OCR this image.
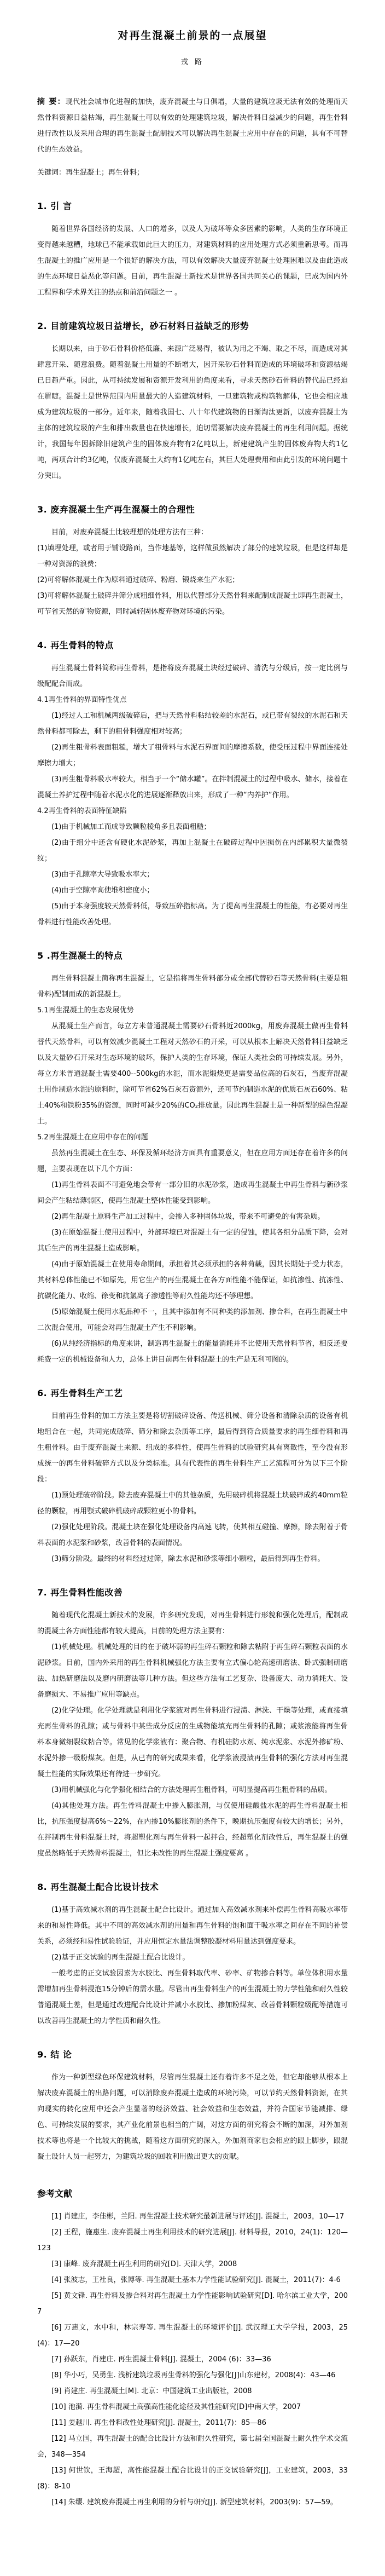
对再生混凝土前景的一点展望
戎 路

摘 要：现代社会城市化进程的加快，废弃混凝土与日俱增，大量的建筑垃圾无法有效的处理而天然骨料资源日益枯竭，再生混凝土可以有效的处理建筑垃圾，解决骨料日益减少的问题，再生骨料进行改性以及采用合理的再生混凝土配制技术可以解决再生混凝土应用中存在的问题，具有不可替代的生态效益。

关键词：再生混凝土；再生骨料；

1. 引 言

随着世界各国经济的发展、人口的增多，以及人为破坏等众多因素的影响，人类的生存环境正变得越来越糟，地球已不能承载如此巨大的压力，对建筑材料的应用处理方式必须重新思考。而再生混凝土的推广应用是一个很好的解决方法，可以有效解决大量废弃混凝土处理困难以及由此造成的生态环境日益恶化等问题。目前，再生混凝土新技术是世界各国共同关心的课题，已成为国内外工程界和学术界关注的热点和前沿问题之一 。

2. 目前建筑垃圾日益增长，砂石材料日益缺乏的形势

长期以来，由于砂石骨料价格低廉、来源广泛易得，被认为用之不竭、取之不尽，而造成对其肆意开采、随意浪费。随着混凝土用量的不断增大，因开采砂石骨料而造成的环境破坏和资源枯竭已日趋严重。因此，从可持续发展和资源开发利用的角度来看，寻求天然砂石骨料的替代品已经迫在眉睫。混凝土是世界范围内用量最大的人造建筑材料，一旦建筑物或构筑物解体，它也会相应地成为建筑垃圾的一部分。近年来，随着我国七、八十年代建筑物的日渐淘汰更新，以废弃混凝土为主体的建筑垃圾的产生和排出数量也在快速增长，迫切需要解决废弃混凝土的再生利用问题。据统计，我国每年因拆除旧建筑产生的固体废弃物有2亿吨以上，新建建筑产生的固体废弃物大约1亿吨，两项合计约3亿吨，仅废弃混凝土大约有1亿吨左右，其巨大处理费用和由此引发的环境问题十分突出。

3. 废弃混凝土生产再生混凝土的合理性

目前，对废弃混凝土比较理想的处理方法有三种：

(1)填埋处理，或者用于铺设路面，当作地基等，这样做虽然解决了部分的建筑垃圾，但是这样却是一种对资源的浪费；

(2)可将解体混凝土作为原料通过破碎、粉磨、锻烧来生产水泥；

(3)可将解体混凝土破碎并筛分成粗细骨料，用以代替部分天然骨料来配制成混凝土即再生混凝土，可节省天然的矿物资源，同时减轻固体废弃物对环境的污染。

4. 再生骨料的特点

再生混凝土骨料简称再生骨料，是指将废弃混凝土块经过破碎、清洗与分级后，按一定比例与级配配合而成。

4.1再生骨料的界面特性优点

(1)经过人工和机械两级破碎后，把与天然骨料粘结较差的水泥石，或已带有裂纹的水泥石和天然骨料都可除去，剩下的粗骨料强度相对较高；

(2)再生粗骨料表面粗糙，增大了粗骨料与水泥石界面间的摩擦系数，使受压过程中界面连接处摩擦力增大；

(3)再生粗骨料吸水率较大，相当于一个“储水罐”。在拌制混凝土的过程中吸水、储水，接着在混凝土养护过程中随着水泥水化的进展逐渐释放出来，形成了一种“内养护”作用。

4.2再生骨料的表面特征缺陷

(1)由于机械加工而成导致颗粒棱角多且表面粗糙；

(2)由于组分中还含有硬化水泥砂浆，再加上混凝土在破碎过程中因损伤在内部累积大量微裂纹；

(3)由于孔隙率大导致吸水率大；

(4)由于空隙率高使堆积密度小；

(5)由于本身强度较天然骨料低，导致压碎指标高。为了提高再生混凝土的性能，有必要对再生骨料进行性能改善处理。

5 .再生混凝土的特点

再生骨料混凝土简称再生混凝土，它是指将再生骨料部分或全部代替砂石等天然骨料(主要是粗骨料)配制而成的新混凝土。

5.1再生混凝土的生态发展优势

从混凝土生产而言，每立方米普通混凝土需要砂石骨料近2000kg，用废弃混凝土做再生骨料替代天然骨料，可以有效减少混凝土工程对天然砂石的开采，可以从根本上解决天然骨料日益缺乏以及大量砂石开采对生态环境的破坏，保护人类的生存环境，保证人类社会的可持续发展。另外，每立方米普通混凝土需要400--500kg的水泥，而水泥煅烧更是需要品位高的石灰石，当废弃混凝土用作制造水泥的原料时，除可节省62%石灰石资源外，还可节约制造水泥的优质石灰石60%、粘土40%和铁粉35%的资源，同时可减少20%的CO₂排放量。因此再生混凝土是一种新型的绿色混凝土。

5.2再生混凝土在应用中存在的问题

虽然再生混凝土在生态、环保及循环经济方面具有重要意义，但在应用方面还存在着许多的问题，主要表现在以下几个方面：

(1)再生骨料表面不可避免地会带有一部分旧的水泥砂浆，造成再生混凝土中再生骨料与新砂浆间会产生粘结薄弱区，使再生混凝土整体性能受到影响。

(2)再生混凝土原料生产加工过程中，会掺入多种固体垃圾，带来不可避免的有害杂质。

(3)在原始混凝土使用过程中，外部环境已对混凝土有一定的侵蚀，使其各组分品质下降，会对其后生产的再生混凝土造成影响。

(4)由于原始混凝土在使用寿命期间，承担着其必须承担的各种荷载，因其长期处于受力状态，其材料总体性能已不如原先，用它生产的再生混凝土在各方面性能不能保证，如抗渗性、抗冻性、抗碳化能力、收缩、徐变和抗氯离子渗透性等耐久性能均还不够理想。

(5)原始混凝土使用水泥品种不一，且其中添加有不同种类的添加剂、掺合料，在再生混凝土中二次混合使用，可能会对再生混凝土产生不利影响。

(6)从纯经济指标的角度来讲，制造再生混凝土的能量消耗并不比使用天然骨料节省，相反还要耗费一定的机械设备和人力，总体上讲目前再生骨料混凝土的生产是无利可图的。

6. 再生骨料生产工艺

目前再生骨料的加工方法主要是将切割破碎设备、传送机械、筛分设备和清除杂质的设备有机地组合在一起，共同完成破碎、筛分和除去杂质等工序，最后得到符合质量要求的再生细骨料和再生粗骨料。由于废弃混凝土来源、组成的多样性，使再生骨料的试验研究具有离散性，至今没有形成统一的再生骨料破碎方式以及分类标准。具有代表性的再生骨料生产工艺流程可分为以下三个阶段：

(1)预处理破碎阶段。除去废弃混凝土中的其他杂质，先用破碎机将混凝土块破碎成约40mm粒径的颗粒，再用颚式破碎机破碎成颗粒更小的骨料。

(2)强化处理阶段。混凝土块在强化处理设备内高速飞转，使其相互碰撞、摩擦，除去附着于骨料表面的水泥浆和砂浆，改善骨料的表面情况。

(3)筛分阶段。最终的材料经过过筛，除去水泥和砂浆等细小颗粒，最后得到再生骨料。

7. 再生骨料性能改善

随着现代化混凝土新技术的发展，许多研究发现，对再生骨料进行形貌和强化处理后，配制成的混凝土各方面性能都有较大提高，目前的处理方法主要有：

(1)机械处理。机械处理的目的在于破坏弱的再生碎石颗粒和除去粘附于再生碎石颗粒表面的水泥砂浆。目前，国内外采用的再生骨料机械强化方法主要有立式偏心轮高速研磨法、卧式强制研磨法、加热研磨法以及磨内研磨法等几种方法。但这些方法有工艺复杂、设备庞大、动力消耗大、设备磨损大、不易推广应用等缺点。

(2)化学处理。化学处理就是利用化学浆液对再生骨料进行浸渍、淋洗、干燥等处理，或直接填充再生骨料的孔隙；或与骨料中某些成分反应的生成物能填充再生骨料的孔隙；或浆液能将再生骨料本身微细裂纹粘合等。常见的化学浆液有：聚合物、有机硅防水剂、纯水泥浆、水泥外掺矿粉、水泥外掺一级粉煤灰。但是，从已有的研究成果来看，化学浆液浸渍再生骨料的强化方法对再生混凝土性能的实际效果还有待进一步研究。

(3)用机械强化与化学强化相结合的方法处理再生粗骨料，可明显提高再生粗骨料的品质。

(4)其他处理方法。再生骨料混凝土中掺入膨胀剂，与仅使用硅酸盐水泥的再生骨料混凝土相比，抗压强度提高6%～22%，在内掺10%膨胀剂的条件下，晚期抗压强度有较大的增长；另外，在拌制再生骨料混凝土时，将超塑化剂与再生骨料一起拌合，经超塑化剂改性后，再生混凝土的强度虽然略低于天然骨料混凝土，但比未改性的再生混凝土强度要高 。

8. 再生混凝土配合比设计技术

(1)基于高效减水剂的再生混凝土配合比设计。通过加入高效减水剂来补偿再生骨料高吸水率带来的和易性降低。其中不同的高效减水剂的用量和再生骨料的饱和面干吸水率之间存在不同的补偿关系，必须经和易性试验验证，并应用恒定水量法调整胶凝材料用量达到强度要求。

(2)基于正交试验的再生混凝土配合比设计。

一般考虑的正交试验因素为水胶比、再生骨料取代率、砂率、矿物掺合料等。单位体积用水量需增加再生骨料浸泡15分钟后的需水量。尽管由再生骨料生产的再生混凝土的力学性能和耐久性较普通混凝土差，但是通过改进配合比设计并减小水胶比、掺加粉煤灰、改善骨料颗粒级配等措施可以改善再生混凝土的力学性质和耐久性。

9. 结 论

作为一种新型绿色环保建筑材料，尽管再生混凝土还有着许多不足之处，但它却能够从根本上解决废弃混凝土的出路问题，可以消除废弃混凝土造成的环境污染，可以节约天然骨料资源，在其向现实的转化应用中还会产生显著的经济效益、社会效益和生态效益，并符合国家节能减排、绿色、可持续发展的要求，其产业化前景也相当的广阔，对这方面的研究将会不断的加深，对外加剂技术等也将是一个比较大的挑战，随着这方面研究的深入，外加剂商家也会相应的跟上脚步，跟混凝土设计人员一起努力，为建筑垃圾的回收利用做出更大的贡献。

参考文献

[1] 肖建庄，李佳彬，兰阳. 再生混凝土技术研究最新进展与评述[J]. 混凝土，2003，10—17

[2] 王程，施惠生. 废弃混凝土再生利用技术的研究进展[J]. 材料导报，2010，24(1)：120—123

[3] 康峰. 废弃混凝土再生利用的研究[D]. 天津大学，2008

[4] 张波志，王社良，张博等. 再生混凝土基本力学性能试验研究[J]. 混凝土，2011(7)：4-6

[5] 黄文锋. 再生骨料及掺合料对再生混凝土力学性能影响试验研究[D]. 哈尔滨工业大学，2007

[6] 万惠文，水中和，林宗寿等. 再生混凝土的环境评价[J]. 武汉理工大学学报，2003，25(4)：17—20

[7] 孙跃东，肖建庄. 再生混凝土骨料[J]. 混凝土，2004 (6)：33—36

[8] 华小巧，吴勇生. 浅析建筑垃圾再生骨料的强化与强化[J]山东建材，2008(4)：43—46

[9] 肖建庄. 再生混凝土[M]. 北京：中国建筑工业出版社，2008

[10] 池漪. 再生骨料混凝土高强高性能化途径及其性能研究[D]中南大学，2007

[11] 姜越川. 再生骨料改性处理研究[J]. 混凝土，2011(7)：85—86

[12] 马立国，再生混凝土的配合比设计方法和耐久性研究，第七届全国混凝土耐久性学术交流会，348—354

[13] 何世钦，王海超，高性能混凝土配合比设计的正交试验研究[J]，工业建筑，2003，33(8)：8-10

[14] 朱缨. 建筑废弃混凝土再生利用的分析与研究[J]. 新型建筑材料，2003(9)：57—59。
